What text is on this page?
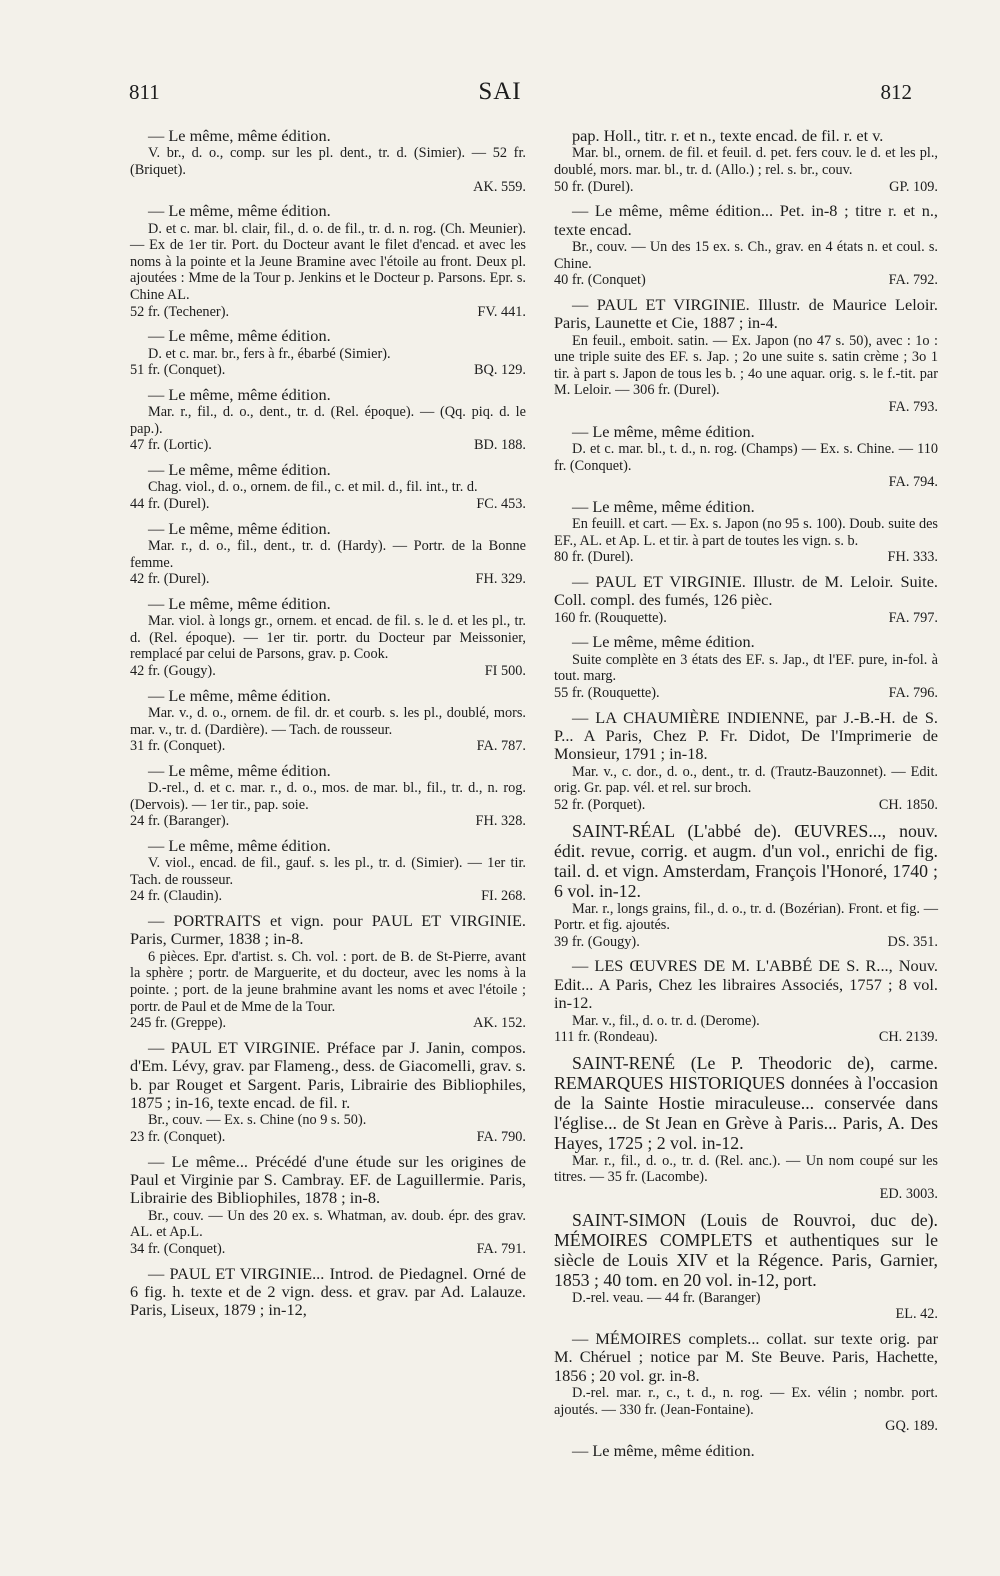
811	SAI	812
— Le même, même édition.
V. br., d. o., comp. sur les pl. dent., tr. d. (Simier). — 52 fr. (Briquet).
AK. 559.
— Le même, même édition.
D. et c. mar. bl. clair, fil., d. o. de fil., tr. d. n. rog. (Ch. Meunier). — Ex de 1er tir. Port. du Docteur avant le filet d'encad. et avec les noms à la pointe et la Jeune Bramine avec l'étoile au front. Deux pl. ajoutées : Mme de la Tour p. Jenkins et le Docteur p. Parsons. Epr. s. Chine AL.
52 fr. (Techener).	FV. 441.
— Le même, même édition.
D. et c. mar. br., fers à fr., ébarbé (Simier).
51 fr. (Conquet).	BQ. 129.
— Le même, même édition.
Mar. r., fil., d. o., dent., tr. d. (Rel. époque). — (Qq. piq. d. le pap.).
47 fr. (Lortic).	BD. 188.
— Le même, même édition.
Chag. viol., d. o., ornem. de fil., c. et mil. d., fil. int., tr. d.
44 fr. (Durel).	FC. 453.
— Le même, même édition.
Mar. r., d. o., fil., dent., tr. d. (Hardy). — Portr. de la Bonne femme.
42 fr. (Durel).	FH. 329.
— Le même, même édition.
Mar. viol. à longs gr., ornem. et encad. de fil. s. le d. et les pl., tr. d. (Rel. époque). — 1er tir. portr. du Docteur par Meissonier, remplacé par celui de Parsons, grav. p. Cook.
42 fr. (Gougy).	FI 500.
— Le même, même édition.
Mar. v., d. o., ornem. de fil. dr. et courb. s. les pl., doublé, mors. mar. v., tr. d. (Dardière). — Tach. de rousseur.
31 fr. (Conquet).	FA. 787.
— Le même, même édition.
D.-rel., d. et c. mar. r., d. o., mos. de mar. bl., fil., tr. d., n. rog. (Dervois). — 1er tir., pap. soie.
24 fr. (Baranger).	FH. 328.
— Le même, même édition.
V. viol., encad. de fil., gauf. s. les pl., tr. d. (Simier). — 1er tir. Tach. de rousseur.
24 fr. (Claudin).	FI. 268.
— PORTRAITS et vign. pour PAUL ET VIRGINIE. Paris, Curmer, 1838 ; in-8.
6 pièces. Epr. d'artist. s. Ch. vol. : port. de B. de St-Pierre, avant la sphère ; portr. de Marguerite, et du docteur, avec les noms à la pointe. ; port. de la jeune brahmine avant les noms et avec l'étoile ; portr. de Paul et de Mme de la Tour.
245 fr. (Greppe).	AK. 152.
— PAUL ET VIRGINIE. Préface par J. Janin, compos. d'Em. Lévy, grav. par Flameng., dess. de Giacomelli, grav. s. b. par Rouget et Sargent. Paris, Librairie des Bibliophiles, 1875 ; in-16, texte encad. de fil. r.
Br., couv. — Ex. s. Chine (no 9 s. 50).
23 fr. (Conquet).	FA. 790.
— Le même... Précédé d'une étude sur les origines de Paul et Virginie par S. Cambray. EF. de Laguillermie. Paris, Librairie des Bibliophiles, 1878 ; in-8.
Br., couv. — Un des 20 ex. s. Whatman, av. doub. épr. des grav. AL. et Ap.L.
34 fr. (Conquet).	FA. 791.
— PAUL ET VIRGINIE... Introd. de Piedagnel. Orné de 6 fig. h. texte et de 2 vign. dess. et grav. par Ad. Lalauze. Paris, Liseux, 1879 ; in-12,
pap. Holl., titr. r. et n., texte encad. de fil. r. et v.
Mar. bl., ornem. de fil. et feuil. d. pet. fers couv. le d. et les pl., doublé, mors. mar. bl., tr. d. (Allo.) ; rel. s. br., couv.
50 fr. (Durel).	GP. 109.
— Le même, même édition... Pet. in-8 ; titre r. et n., texte encad.
Br., couv. — Un des 15 ex. s. Ch., grav. en 4 états n. et coul. s. Chine.
40 fr. (Conquet)	FA. 792.
— PAUL ET VIRGINIE. Illustr. de Maurice Leloir. Paris, Launette et Cie, 1887 ; in-4.
En feuil., emboit. satin. — Ex. Japon (no 47 s. 50), avec : 1o : une triple suite des EF. s. Jap. ; 2o une suite s. satin crème ; 3o 1 tir. à part s. Japon de tous les b. ; 4o une aquar. orig. s. le f.-tit. par M. Leloir. — 306 fr. (Durel).
FA. 793.
— Le même, même édition.
D. et c. mar. bl., t. d., n. rog. (Champs) — Ex. s. Chine. — 110 fr. (Conquet).
FA. 794.
— Le même, même édition.
En feuill. et cart. — Ex. s. Japon (no 95 s. 100). Doub. suite des EF., AL. et Ap. L. et tir. à part de toutes les vign. s. b.
80 fr. (Durel).	FH. 333.
— PAUL ET VIRGINIE. Illustr. de M. Leloir. Suite. Coll. compl. des fumés, 126 pièc.
160 fr. (Rouquette).	FA. 797.
— Le même, même édition.
Suite complète en 3 états des EF. s. Jap., dt l'EF. pure, in-fol. à tout. marg.
55 fr. (Rouquette).	FA. 796.
— LA CHAUMIÈRE INDIENNE, par J.-B.-H. de S. P... A Paris, Chez P. Fr. Didot, De l'Imprimerie de Monsieur, 1791 ; in-18.
Mar. v., c. dor., d. o., dent., tr. d. (Trautz-Bauzonnet). — Edit. orig. Gr. pap. vél. et rel. sur broch.
52 fr. (Porquet).	CH. 1850.
SAINT-RÉAL (L'abbé de). ŒUVRES..., nouv. édit. revue, corrig. et augm. d'un vol., enrichi de fig. tail. d. et vign. Amsterdam, François l'Honoré, 1740 ; 6 vol. in-12.
Mar. r., longs grains, fil., d. o., tr. d. (Bozérian). Front. et fig. — Portr. et fig. ajoutés.
39 fr. (Gougy).	DS. 351.
— LES ŒUVRES DE M. L'ABBÉ DE S. R..., Nouv. Edit... A Paris, Chez les libraires Associés, 1757 ; 8 vol. in-12.
Mar. v., fil., d. o. tr. d. (Derome).
111 fr. (Rondeau).	CH. 2139.
SAINT-RENÉ (Le P. Theodoric de), carme. REMARQUES HISTORIQUES données à l'occasion de la Sainte Hostie miraculeuse... conservée dans l'église... de St Jean en Grève à Paris... Paris, A. Des Hayes, 1725 ; 2 vol. in-12.
Mar. r., fil., d. o., tr. d. (Rel. anc.). — Un nom coupé sur les titres. — 35 fr. (Lacombe).
ED. 3003.
SAINT-SIMON (Louis de Rouvroi, duc de). MÉMOIRES COMPLETS et authentiques sur le siècle de Louis XIV et la Régence. Paris, Garnier, 1853 ; 40 tom. en 20 vol. in-12, port.
D.-rel. veau. — 44 fr. (Baranger)
EL. 42.
— MÉMOIRES complets... collat. sur texte orig. par M. Chéruel ; notice par M. Ste Beuve. Paris, Hachette, 1856 ; 20 vol. gr. in-8.
D.-rel. mar. r., c., t. d., n. rog. — Ex. vélin ; nombr. port. ajoutés. — 330 fr. (Jean-Fontaine).
GQ. 189.
— Le même, même édition.
